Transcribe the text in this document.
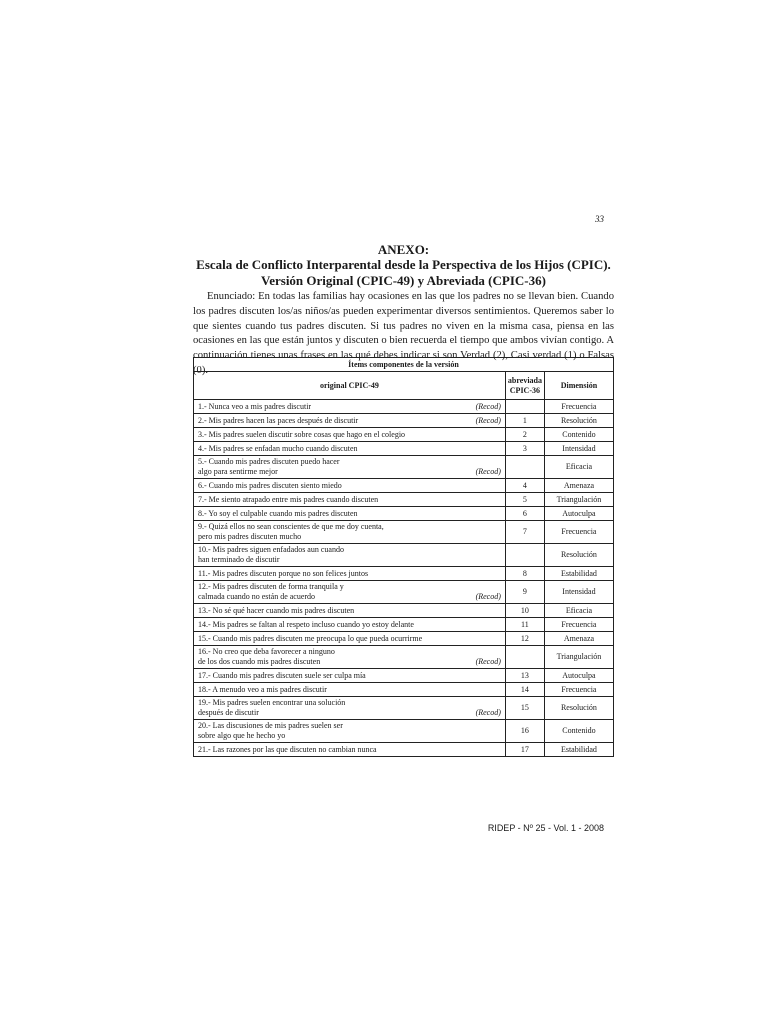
33
ANEXO:
Escala de Conflicto Interparental desde la Perspectiva de los Hijos (CPIC).
Versión Original (CPIC-49) y Abreviada (CPIC-36)

Enunciado: En todas las familias hay ocasiones en las que los padres no se llevan bien. Cuando los padres discuten los/as niños/as pueden experimentar diversos sentimientos. Queremos saber lo que sientes cuando tus padres discuten. Si tus padres no viven en la misma casa, piensa en las ocasiones en las que están juntos y discuten o bien recuerda el tiempo que ambos vivían contigo. A continuación tienes unas frases en las qué debes indicar si son Verdad (2), Casi verdad (1) o Falsas (0).

Ítems componentes de la versión		
original CPIC-49	abreviada CPIC-36	Dimensión

1.- Nunca veo a mis padres discutir (Recod)		Frecuencia

2.- Mis padres hacen las paces después de discutir (Recod)	1	Resolución

3.- Mis padres suelen discutir sobre cosas que hago en el colegio	2	Contenido

4.- Mis padres se enfadan mucho cuando discuten	3	Intensidad

5.- Cuando mis padres discuten puedo hacer
algo para sentirme mejor (Recod)		Eficacia

6.- Cuando mis padres discuten siento miedo	4	Amenaza

7.- Me siento atrapado entre mis padres cuando discuten	5	Triangulación

8.- Yo soy el culpable cuando mis padres discuten	6	Autoculpa

9.- Quizá ellos no sean conscientes de que me doy cuenta,
pero mis padres discuten mucho	7	Frecuencia

10.- Mis padres siguen enfadados aun cuando
han terminado de discutir		Resolución

11.- Mis padres discuten porque no son felices juntos	8	Estabilidad

12.- Mis padres discuten de forma tranquila y
calmada cuando no están de acuerdo (Recod)	9	Intensidad

13.- No sé qué hacer cuando mis padres discuten	10	Eficacia

14.- Mis padres se faltan al respeto incluso cuando yo estoy delante	11	Frecuencia

15.- Cuando mis padres discuten me preocupa lo que pueda ocurrirme	12	Amenaza

16.- No creo que deba favorecer a ninguno
de los dos cuando mis padres discuten (Recod)		Triangulación

17.- Cuando mis padres discuten suele ser culpa mía	13	Autoculpa

18.- A menudo veo a mis padres discutir	14	Frecuencia

19.- Mis padres suelen encontrar una solución
después de discutir (Recod)	15	Resolución

20.- Las discusiones de mis padres suelen ser
sobre algo que he hecho yo	16	Contenido

21.- Las razones por las que discuten no cambian nunca	17	Estabilidad
RIDEP - Nº 25 - Vol. 1 - 2008
